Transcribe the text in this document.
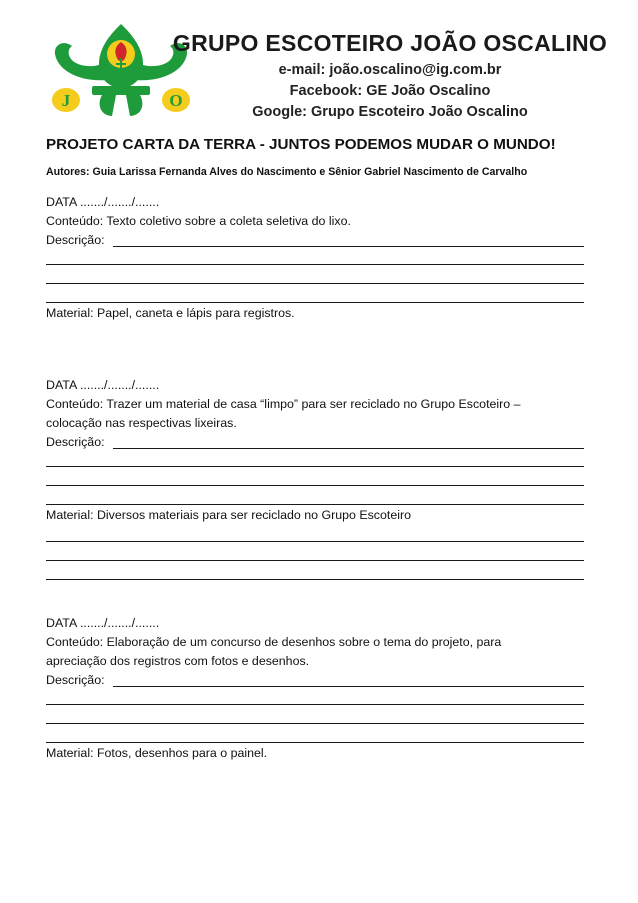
J	O
GRUPO ESCOTEIRO JOÃO OSCALINO
e-mail: joão.oscalino@ig.com.br
Facebook: GE João Oscalino
Google: Grupo Escoteiro João Oscalino
PROJETO CARTA DA TERRA - JUNTOS PODEMOS MUDAR O MUNDO!
Autores: Guia Larissa Fernanda Alves do Nascimento e Sênior Gabriel Nascimento de Carvalho
DATA ......./......./.......
Conteúdo: Texto coletivo sobre a coleta seletiva do lixo.
Descrição:
Material: Papel, caneta e lápis para registros.
DATA ......./......./.......
Conteúdo: Trazer um material de casa “limpo” para ser reciclado no Grupo Escoteiro –
colocação nas respectivas lixeiras.
Descrição:
Material: Diversos materiais para ser reciclado no Grupo Escoteiro
DATA ......./......./.......
Conteúdo: Elaboração de um concurso de desenhos sobre o tema do projeto, para
apreciação dos registros com fotos e desenhos.
Descrição:
Material: Fotos, desenhos para o painel.
